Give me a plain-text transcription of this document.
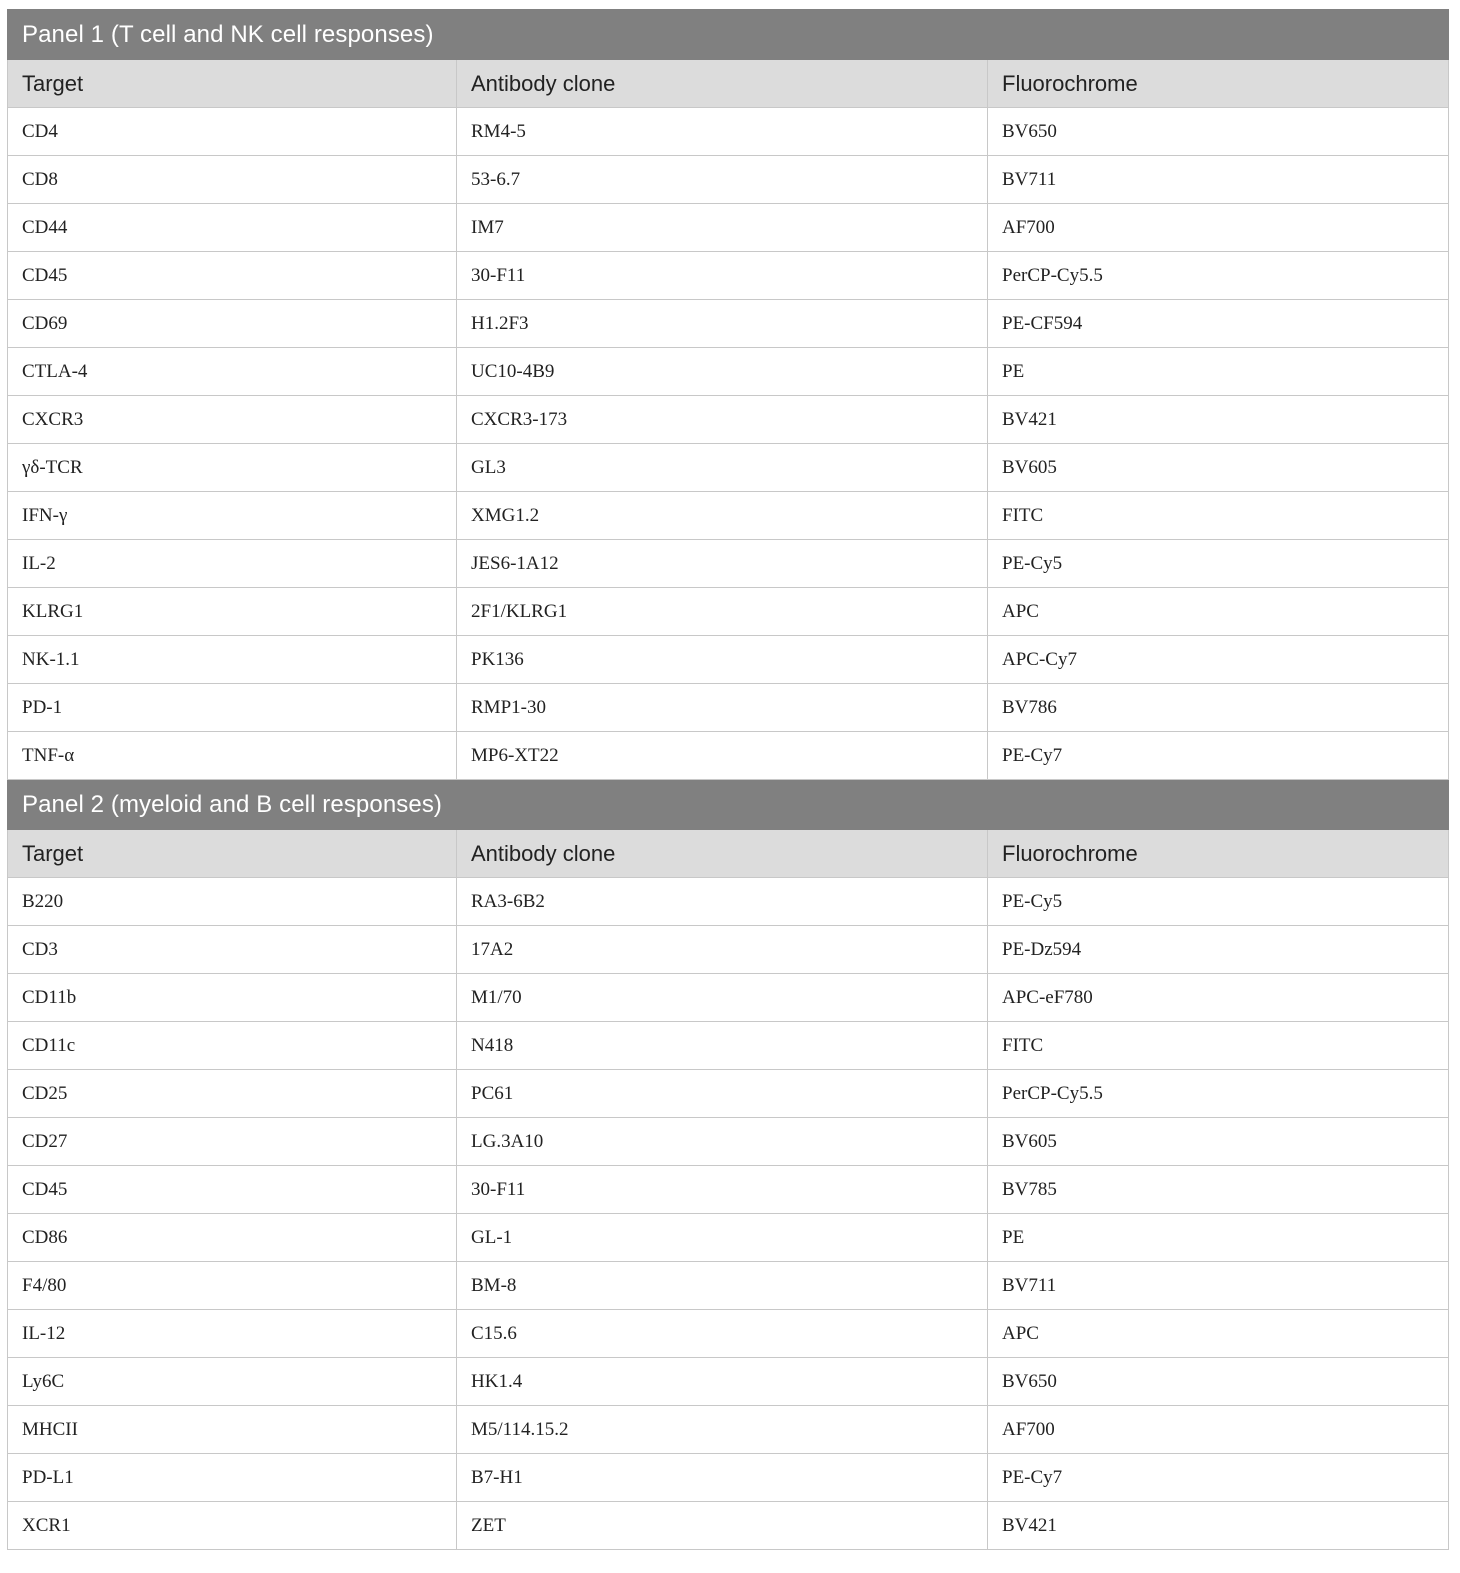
Panel 1 (T cell and NK cell responses)		
Target	Antibody clone	Fluorochrome
CD4	RM4-5	BV650
CD8	53-6.7	BV711
CD44	IM7	AF700
CD45	30-F11	PerCP-Cy5.5
CD69	H1.2F3	PE-CF594
CTLA-4	UC10-4B9	PE
CXCR3	CXCR3-173	BV421
γδ-TCR	GL3	BV605
IFN-γ	XMG1.2	FITC
IL-2	JES6-1A12	PE-Cy5
KLRG1	2F1/KLRG1	APC
NK-1.1	PK136	APC-Cy7
PD-1	RMP1-30	BV786
TNF-α	MP6-XT22	PE-Cy7
Panel 2 (myeloid and B cell responses)		
Target	Antibody clone	Fluorochrome
B220	RA3-6B2	PE-Cy5
CD3	17A2	PE-Dz594
CD11b	M1/70	APC-eF780
CD11c	N418	FITC
CD25	PC61	PerCP-Cy5.5
CD27	LG.3A10	BV605
CD45	30-F11	BV785
CD86	GL-1	PE
F4/80	BM-8	BV711
IL-12	C15.6	APC
Ly6C	HK1.4	BV650
MHCII	M5/114.15.2	AF700
PD-L1	B7-H1	PE-Cy7
XCR1	ZET	BV421
